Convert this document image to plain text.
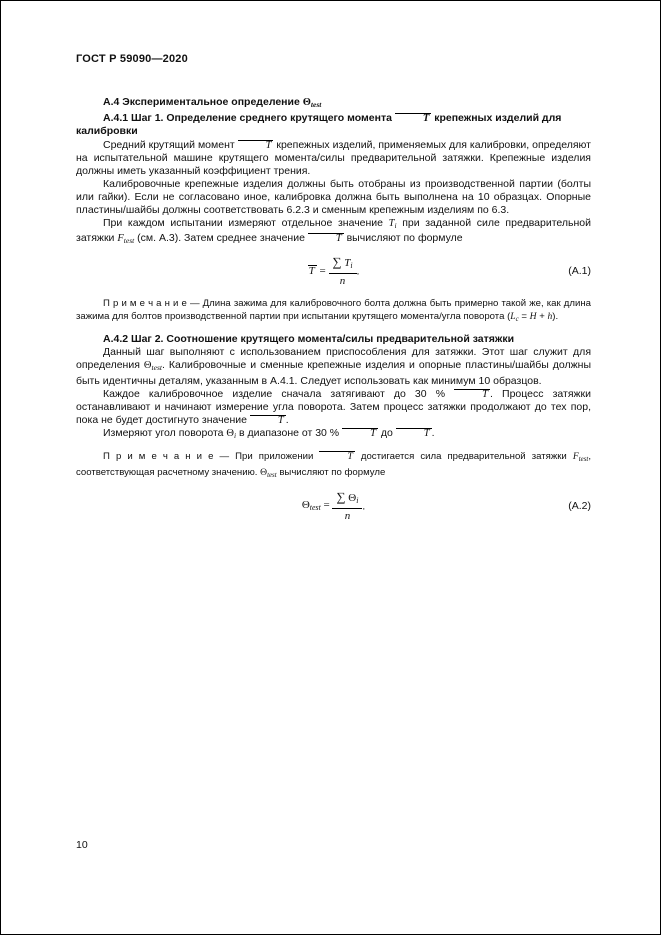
ГОСТ Р 59090—2020
А.4 Экспериментальное определение $\Theta_{test}$
А.4.1 Шаг 1. Определение среднего крутящего момента	T крепежных изделий для калибровки

Средний крутящий момент	T крепежных изделий, применяемых для калибровки, определяют на испытательной машине крутящего момента/силы предварительной затяжки. Крепежные изделия должны иметь указанный коэффициент трения.

Калибровочные крепежные изделия должны быть отобраны из производственной партии (болты или гайки). Если не согласовано иное, калибровка должна быть выполнена на 10 образцах. Опорные пластины/шайбы должны соответствовать 6.2.3 и сменным крепежным изделиям по 6.3.

При каждом испытании измеряют отдельное значение $T_i$ при заданной силе предварительной затяжки $F_{test}$ (см. А.3). Затем среднее значение	T вычисляют по формуле

$T = \frac{\sum T_i}{n}$ .	(А.1)

П р и м е ч а н и е — Длина зажима для калибровочного болта должна быть примерно такой же, как длина зажима для болтов производственной партии при испытании крутящего момента/угла поворота $(L_c = H + h)$.

А.4.2 Шаг 2. Соотношение крутящего момента/силы предварительной затяжки

Данный шаг выполняют с использованием приспособления для затяжки. Этот шаг служит для определения $\Theta_{test}$. Калибровочные и сменные крепежные изделия и опорные пластины/шайбы должны быть идентичны деталям, указанным в А.4.1. Следует использовать как минимум 10 образцов.

Каждое калибровочное изделие сначала затягивают до 30 %	T . Процесс затяжки останавливают и начинают измерение угла поворота. Затем процесс затяжки продолжают до тех пор, пока не будет достигнуто значение	T .

Измеряют угол поворота $\Theta_i$ в диапазоне от 30 %	T до	T .

П р и м е ч а н и е — При приложении	T достигается сила предварительной затяжки $F_{test}$, соответствующая расчетному значению. $\Theta_{test}$ вычисляют по формуле

$\Theta_{test} = \frac{\sum \Theta_i}{n}$ .	(А.2)
10
